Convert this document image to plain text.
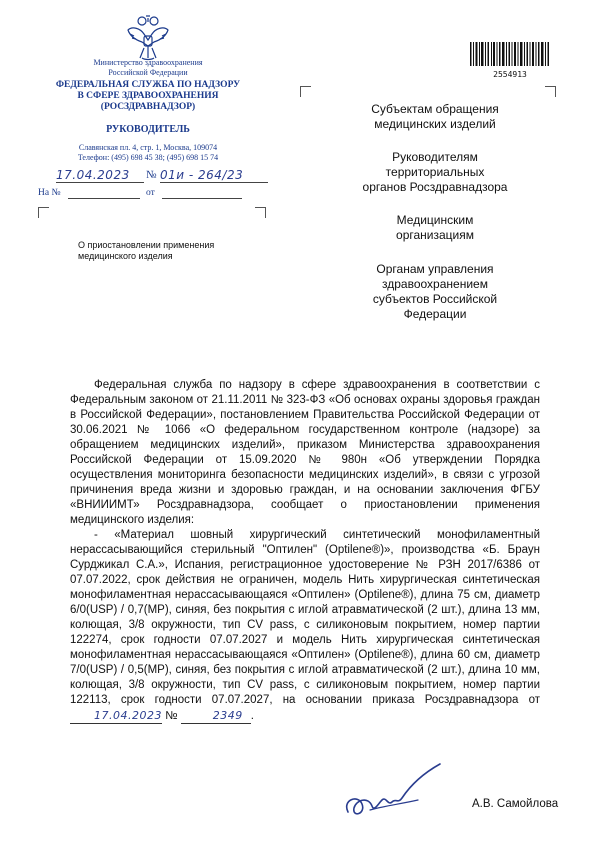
Министерство здравоохранения
Российской Федерации
ФЕДЕРАЛЬНАЯ СЛУЖБА ПО НАДЗОРУ
В СФЕРЕ ЗДРАВООХРАНЕНИЯ
(РОСЗДРАВНАДЗОР)
РУКОВОДИТЕЛЬ
Славянская пл. 4, стр. 1, Москва, 109074
Телефон: (495) 698 45 38; (495) 698 15 74
17.04.2023	№ 01и - 264/23
На №	от
2554913
Субъектам обращения
медицинских изделий
Руководителям
территориальных
органов Росздравнадзора
Медицинским
организациям
Органам управления
здравоохранением
субъектов Российской
Федерации
О приостановлении применения
медицинского изделия

Федеральная служба по надзору в сфере здравоохранения в соответствии с Федеральным законом от 21.11.2011 № 323-ФЗ «Об основах охраны здоровья граждан в Российской Федерации», постановлением Правительства Российской Федерации от 30.06.2021 № 1066 «О федеральном государственном контроле (надзоре) за обращением медицинских изделий», приказом Министерства здравоохранения Российской Федерации от 15.09.2020 № 980н «Об утверждении Порядка осуществления мониторинга безопасности медицинских изделий», в связи с угрозой причинения вреда жизни и здоровью граждан, и на основании заключения ФГБУ «ВНИИИМТ» Росздравнадзора, сообщает о приостановлении применения медицинского изделия:

- «Материал шовный хирургический синтетический монофиламентный нерассасывающийся стерильный "Оптилен" (Optilene®)», производства «Б. Браун Сурджикал С.А.», Испания, регистрационное удостоверение № РЗН 2017/6386 от 07.07.2022, срок действия не ограничен, модель Нить хирургическая синтетическая монофиламентная нерассасывающаяся «Оптилен» (Optilene®), длина 75 см, диаметр 6/0(USP) / 0,7(MP), синяя, без покрытия с иглой атравматической (2 шт.), длина 13 мм, колющая, 3/8 окружности, тип CV pass, с силиконовым покрытием, номер партии 122274, срок годности 07.07.2027 и модель Нить хирургическая синтетическая монофиламентная нерассасывающаяся «Оптилен» (Optilene®), длина 60 см, диаметр 7/0(USP) / 0,5(MP), синяя, без покрытия с иглой атравматической (2 шт.), длина 10 мм, колющая, 3/8 окружности, тип CV pass, с силиконовым покрытием, номер партии 122113, срок годности 07.07.2027, на основании приказа Росздравнадзора от 17.04.2023 №	2349 .

А.В. Самойлова
